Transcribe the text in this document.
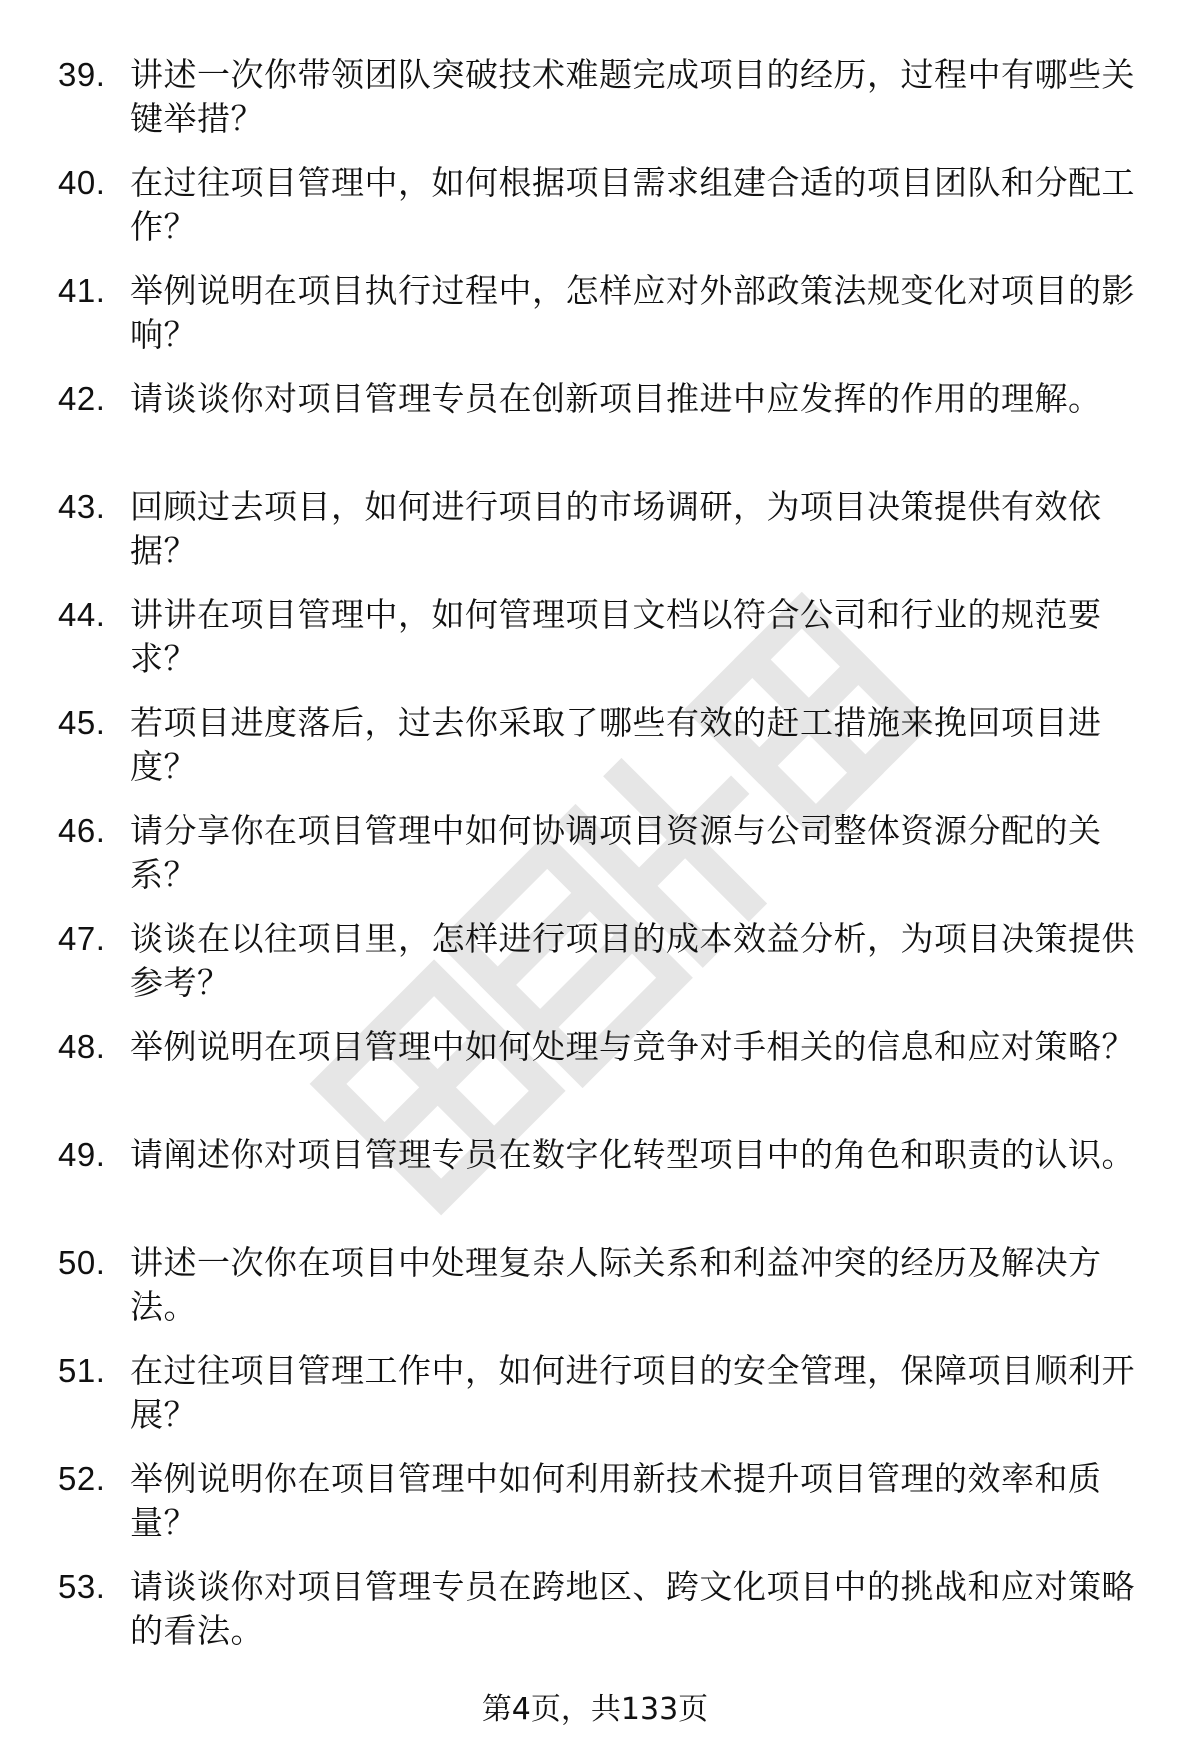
39. 讲述一次你带领团队突破技术难题完成项目的经历，过程中有哪些关键举措？
40. 在过往项目管理中，如何根据项目需求组建合适的项目团队和分配工作？
41. 举例说明在项目执行过程中，怎样应对外部政策法规变化对项目的影响？
42. 请谈谈你对项目管理专员在创新项目推进中应发挥的作用的理解。
43. 回顾过去项目，如何进行项目的市场调研，为项目决策提供有效依据？
44. 讲讲在项目管理中，如何管理项目文档以符合公司和行业的规范要求？
45. 若项目进度落后，过去你采取了哪些有效的赶工措施来挽回项目进度？
46. 请分享你在项目管理中如何协调项目资源与公司整体资源分配的关系？
47. 谈谈在以往项目里，怎样进行项目的成本效益分析，为项目决策提供参考？
48. 举例说明在项目管理中如何处理与竞争对手相关的信息和应对策略？
49. 请阐述你对项目管理专员在数字化转型项目中的角色和职责的认识。
50. 讲述一次你在项目中处理复杂人际关系和利益冲突的经历及解决方法。
51. 在过往项目管理工作中，如何进行项目的安全管理，保障项目顺利开展？
52. 举例说明你在项目管理中如何利用新技术提升项目管理的效率和质量？
53. 请谈谈你对项目管理专员在跨地区、跨文化项目中的挑战和应对策略的看法。
第4页，共133页
